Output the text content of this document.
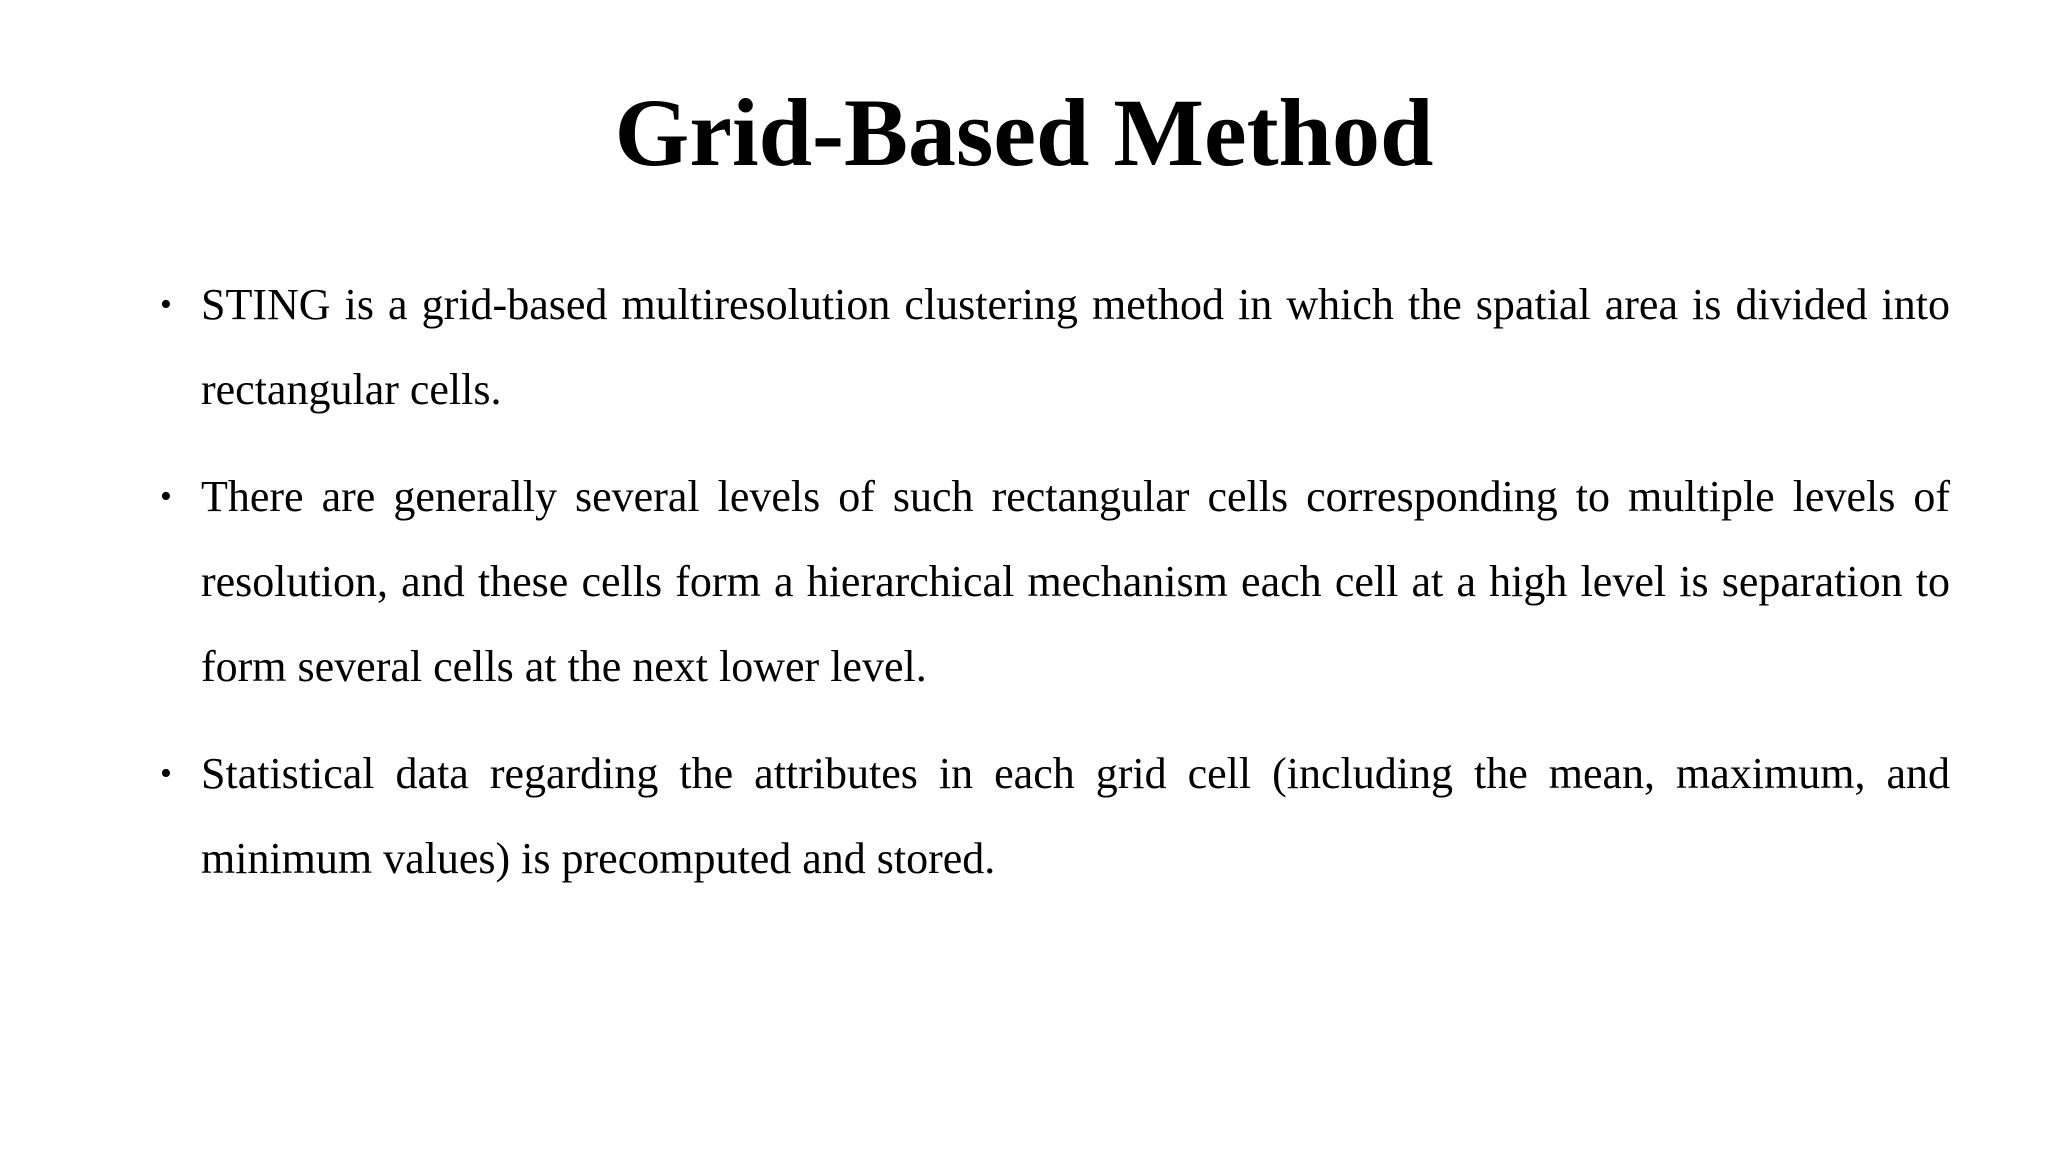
Grid-Based Method
• STING is a grid-based multiresolution clustering method in which the spatial area is divided into rectangular cells.
• There are generally several levels of such rectangular cells corresponding to multiple levels of resolution, and these cells form a hierarchical mechanism each cell at a high level is separation to form several cells at the next lower level.
• Statistical data regarding the attributes in each grid cell (including the mean, maximum, and minimum values) is precomputed and stored.
